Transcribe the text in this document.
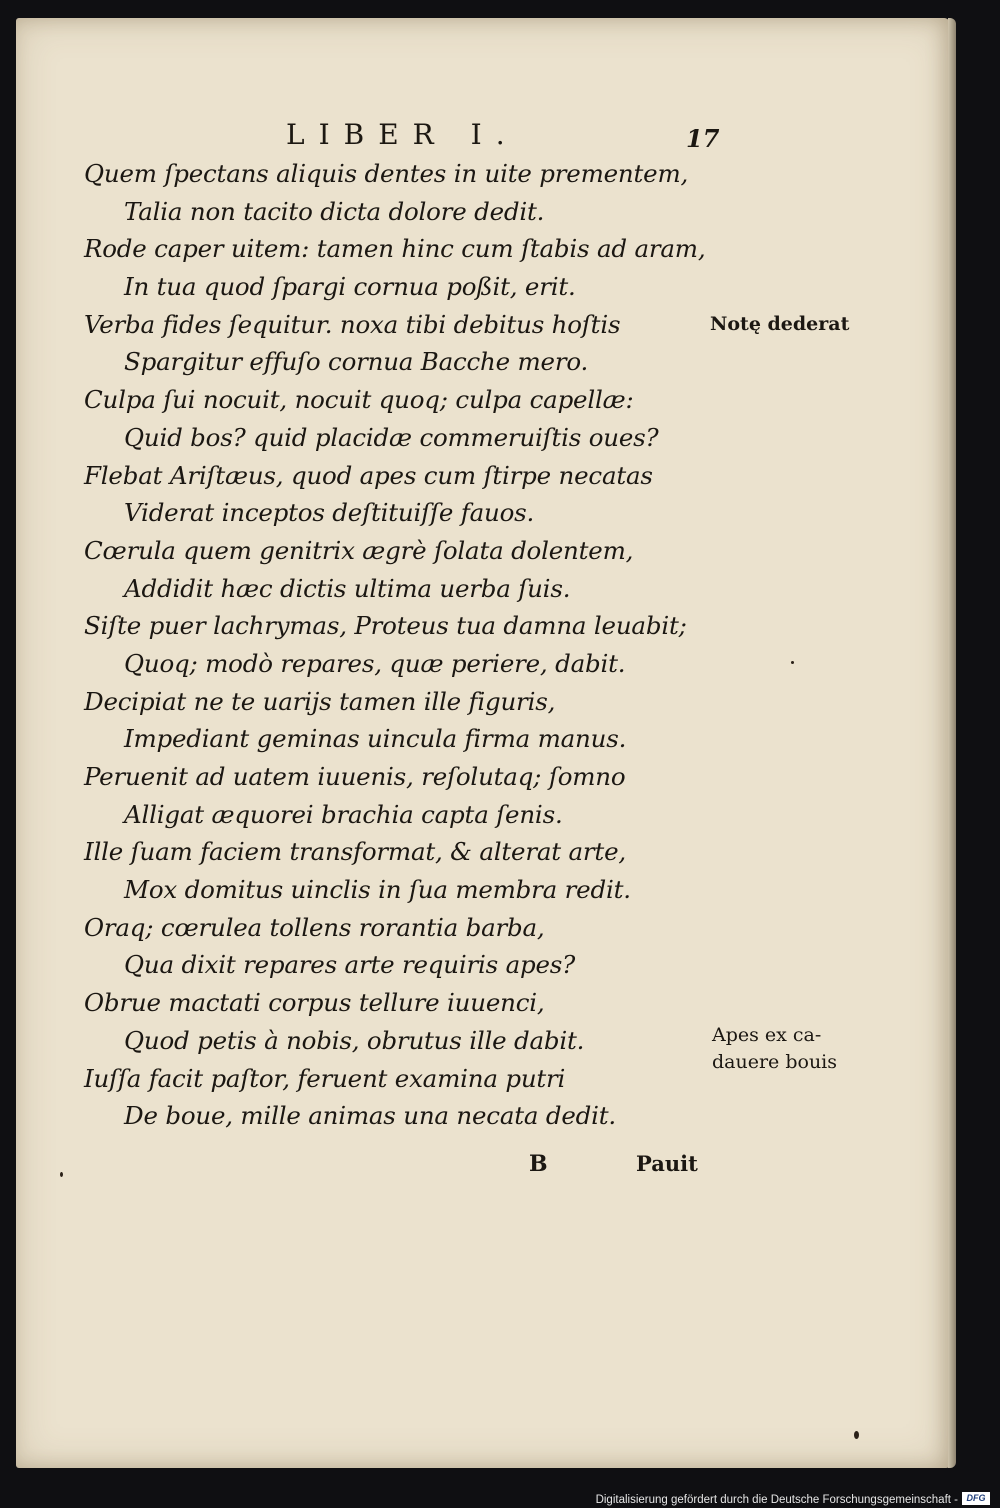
LIBER I.	17
Quem ſpectans aliquis dentes in uite prementem,
Talia non tacito dicta dolore dedit.
Rode caper uitem: tamen hinc cum ſtabis ad aram,
In tua quod ſpargi cornua poßit, erit.
Verba fides ſequitur. noxa tibi debitus hoſtis
Spargitur effuſo cornua Bacche mero.
Culpa ſui nocuit, nocuit quoq; culpa capellæ:
Quid bos? quid placidæ commeruiſtis oues?
Flebat Ariſtæus, quod apes cum ſtirpe necatas
Viderat inceptos deſtituiſſe fauos.
Cœrula quem genitrix ægrè ſolata dolentem,
Addidit hæc dictis ultima uerba ſuis.
Siſte puer lachrymas, Proteus tua damna leuabit;
Quoq; modò repares, quæ periere, dabit.
Decipiat ne te uarijs tamen ille figuris,
Impediant geminas uincula firma manus.
Peruenit ad uatem iuuenis, reſolutaq; ſomno
Alligat æquorei brachia capta ſenis.
Ille ſuam faciem transformat, & alterat arte,
Mox domitus uinclis in ſua membra redit.
Oraq; cœrulea tollens rorantia barba,
Qua dixit repares arte requiris apes?
Obrue mactati corpus tellure iuuenci,
Quod petis à nobis, obrutus ille dabit.
Iuſſa facit paſtor, feruent examina putri
De boue, mille animas una necata dedit.
Notę dederat
Apes ex ca-
dauere bouis
B	Pauit
Digitalisierung gefördert durch die Deutsche Forschungsgemeinschaft - DFG
